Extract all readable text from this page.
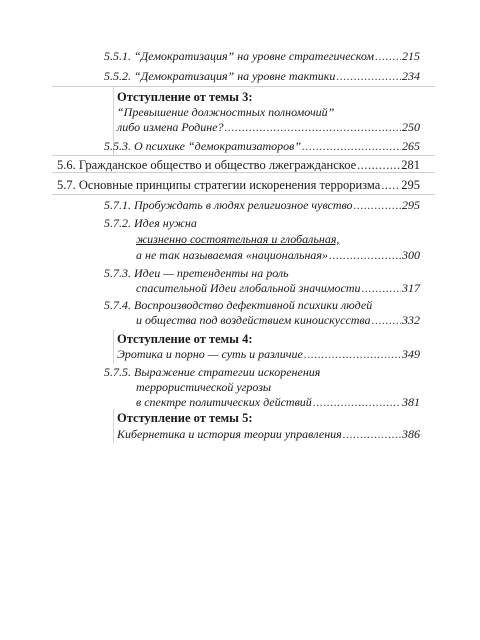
5.5.1. “Демократизация” на уровне стратегическом ..... 215
5.5.2. “Демократизация” на уровне тактики .....	234
Отступление от темы 3:
“Превышение должностных полномочий”
либо измена Родине? .....	250
5.5.3. О психике “демократизаторов” .....	265
5.6. Гражданское общество и общество лжегражданское .....	281
5.7. Основные принципы стратегии искоренения терроризма ..... 295
5.7.1. Пробуждать в людях религиозное чувство .....	295
5.7.2. Идея нужна
жизненно состоятельная и глобальная,
а не так называемая «национальная» .....	300
5.7.3. Идеи — претенденты на роль
спасительной Идеи глобальной значимости .....	317
5.7.4. Воспроизводство дефективной психики людей
и общества под воздействием киноискусства .....	332
Отступление от темы 4:
Эротика и порно — суть и различие .....	349
5.7.5. Выражение стратегии искоренения
террористической угрозы
в спектре политических действий .....	381
Отступление от темы 5:
Кибернетика и история теории управления .....	386
